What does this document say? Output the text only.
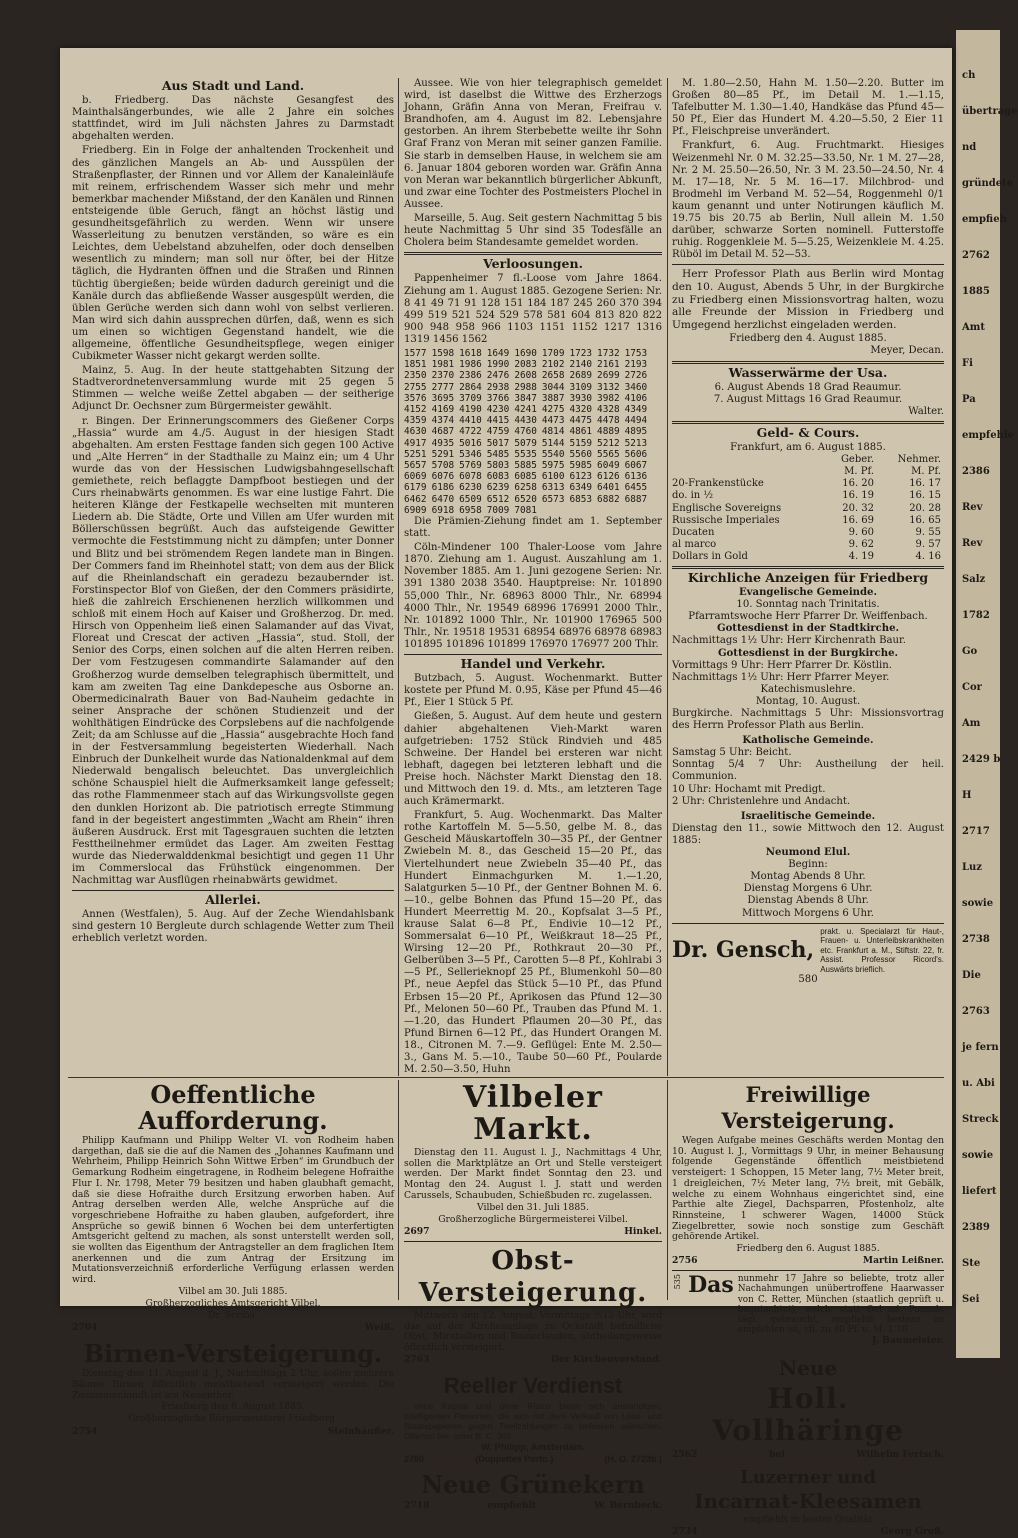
ch
übertrage
nd
gründete
empfieh
2762
1885
Amt
Fi
Pa
empfehle
2386
Rev
Rev
Salz
1782
Go
Cor
Am
2429 b
H
2717
Luz
sowie
2738
Die
2763
je fern
u. Abi
Streck
sowie
liefert
2389
Ste
Sei
Aus Stadt und Land.

b. Friedberg. Das nächste Gesangfest des Mainthalsängerbundes, wie alle 2 Jahre ein solches stattfindet, wird im Juli nächsten Jahres zu Darmstadt abgehalten werden.

Friedberg. Ein in Folge der anhaltenden Trockenheit und des gänzlichen Mangels an Ab- und Ausspülen der Straßenpflaster, der Rinnen und vor Allem der Kanaleinläufe mit reinem, erfrischendem Wasser sich mehr und mehr bemerkbar machender Mißstand, der den Kanälen und Rinnen entsteigende üble Geruch, fängt an höchst lästig und gesundheitsgefährlich zu werden. Wenn wir unsere Wasserleitung zu benutzen verständen, so wäre es ein Leichtes, dem Uebelstand abzuhelfen, oder doch denselben wesentlich zu mindern; man soll nur öfter, bei der Hitze täglich, die Hydranten öffnen und die Straßen und Rinnen tüchtig übergießen; beide würden dadurch gereinigt und die Kanäle durch das abfließende Wasser ausgespült werden, die üblen Gerüche werden sich dann wohl von selbst verlieren. Man wird sich dahin aussprechen dürfen, daß, wenn es sich um einen so wichtigen Gegenstand handelt, wie die allgemeine, öffentliche Gesundheitspflege, wegen einiger Cubikmeter Wasser nicht gekargt werden sollte.

Mainz, 5. Aug. In der heute stattgehabten Sitzung der Stadtverordnetenversammlung wurde mit 25 gegen 5 Stimmen — welche weiße Zettel abgaben — der seitherige Adjunct Dr. Oechsner zum Bürgermeister gewählt.

r. Bingen. Der Erinnerungscommers des Gießener Corps „Hassia“ wurde am 4./5. August in der hiesigen Stadt abgehalten. Am ersten Festtage fanden sich gegen 100 Active und „Alte Herren“ in der Stadthalle zu Mainz ein; um 4 Uhr wurde das von der Hessischen Ludwigsbahngesellschaft gemiethete, reich beflaggte Dampfboot bestiegen und der Curs rheinabwärts genommen. Es war eine lustige Fahrt. Die heiteren Klänge der Festkapelle wechselten mit munteren Liedern ab. Die Städte, Orte und Villen am Ufer wurden mit Böllerschüssen begrüßt. Auch das aufsteigende Gewitter vermochte die Feststimmung nicht zu dämpfen; unter Donner und Blitz und bei strömendem Regen landete man in Bingen. Der Commers fand im Rheinhotel statt; von dem aus der Blick auf die Rheinlandschaft ein geradezu bezaubernder ist. Forstinspector Blof von Gießen, der den Commers präsidirte, hieß die zahlreich Erschienenen herzlich willkommen und schloß mit einem Hoch auf Kaiser und Großherzog. Dr. med. Hirsch von Oppenheim ließ einen Salamander auf das Vivat, Floreat und Crescat der activen „Hassia“, stud. Stoll, der Senior des Corps, einen solchen auf die alten Herren reiben. Der vom Festzugesen commandirte Salamander auf den Großherzog wurde demselben telegraphisch übermittelt, und kam am zweiten Tag eine Dankdepesche aus Osborne an. Obermedicinalrath Bauer von Bad-Nauheim gedachte in seiner Ansprache der schönen Studienzeit und der wohlthätigen Eindrücke des Corpslebens auf die nachfolgende Zeit; da am Schlusse auf die „Hassia“ ausgebrachte Hoch fand in der Festversammlung begeisterten Wiederhall. Nach Einbruch der Dunkelheit wurde das Nationaldenkmal auf dem Niederwald bengalisch beleuchtet. Das unvergleichlich schöne Schauspiel hielt die Aufmerksamkeit lange gefesselt; das rothe Flammenmeer stach auf das Wirkungsvollste gegen den dunklen Horizont ab. Die patriotisch erregte Stimmung fand in der begeistert angestimmten „Wacht am Rhein“ ihren äußeren Ausdruck. Erst mit Tagesgrauen suchten die letzten Festtheilnehmer ermüdet das Lager. Am zweiten Festtag wurde das Niederwalddenkmal besichtigt und gegen 11 Uhr im Commerslocal das Frühstück eingenommen. Der Nachmittag war Ausflügen rheinabwärts gewidmet.

Allerlei.

Annen (Westfalen), 5. Aug. Auf der Zeche Wiendahlsbank sind gestern 10 Bergleute durch schlagende Wetter zum Theil erheblich verletzt worden.

Aussee. Wie von hier telegraphisch gemeldet wird, ist daselbst die Wittwe des Erzherzogs Johann, Gräfin Anna von Meran, Freifrau v. Brandhofen, am 4. August im 82. Lebensjahre gestorben. An ihrem Sterbebette weilte ihr Sohn Graf Franz von Meran mit seiner ganzen Familie. Sie starb in demselben Hause, in welchem sie am 6. Januar 1804 geboren worden war. Gräfin Anna von Meran war bekanntlich bürgerlicher Abkunft, und zwar eine Tochter des Postmeisters Plochel in Aussee.

Marseille, 5. Aug. Seit gestern Nachmittag 5 bis heute Nachmittag 5 Uhr sind 35 Todesfälle an Cholera beim Standesamte gemeldet worden.

Verloosungen.

Pappenheimer 7 fl.-Loose vom Jahre 1864. Ziehung am 1. August 1885. Gezogene Serien: Nr. 8 41 49 71 91 128 151 184 187 245 260 370 394 499 519 521 524 529 578 581 604 813 820 822 900 948 958 966 1103 1151 1152 1217 1316 1319 1456 1562

1577	1598	1618	1649	1690	1709	1723	1732	1753
1851	1981	1986	1990	2083	2102	2140	2161	2193
2350	2370	2386	2476	2608	2658	2689	2699	2726
2755	2777	2864	2938	2988	3044	3109	3132	3460
3576	3695	3709	3766	3847	3887	3930	3982	4106
4152	4169	4190	4230	4241	4275	4320	4328	4349
4359	4374	4410	4415	4430	4473	4475	4478	4494
4630	4687	4722	4759	4760	4814	4861	4889	4895
4917	4935	5016	5017	5079	5144	5159	5212	5213
5251	5291	5346	5485	5535	5540	5560	5565	5606
5657	5708	5769	5803	5885	5975	5985	6049	6067
6069	6076	6078	6083	6085	6100	6123	6126	6136
6179	6186	6230	6239	6258	6313	6349	6401	6455
6462	6470	6509	6512	6520	6573	6853	6882	6887
6909	6918	6958	7009	7081				

Die Prämien-Ziehung findet am 1. September statt.

Cöln-Mindener 100 Thaler-Loose vom Jahre 1870. Ziehung am 1. August. Auszahlung am 1. November 1885. Am 1. Juni gezogene Serien: Nr. 391 1380 2038 3540. Hauptpreise: Nr. 101890 55,000 Thlr., Nr. 68963 8000 Thlr., Nr. 68994 4000 Thlr., Nr. 19549 68996 176991 2000 Thlr., Nr. 101892 1000 Thlr., Nr. 101900 176965 500 Thlr., Nr. 19518 19531 68954 68976 68978 68983 101895 101896 101899 176970 176977 200 Thlr.

Handel und Verkehr.

Butzbach, 5. August. Wochenmarkt. Butter kostete per Pfund M. 0.95, Käse per Pfund 45—46 Pf., Eier 1 Stück 5 Pf.

Gießen, 5. August. Auf dem heute und gestern dahier abgehaltenen Vieh-Markt waren aufgetrieben: 1752 Stück Rindvieh und 485 Schweine. Der Handel bei ersteren war nicht lebhaft, dagegen bei letzteren lebhaft und die Preise hoch. Nächster Markt Dienstag den 18. und Mittwoch den 19. d. Mts., am letzteren Tage auch Krämermarkt.

Frankfurt, 5. Aug. Wochenmarkt. Das Malter rothe Kartoffeln M. 5—5.50, gelbe M. 8., das Gescheid Mäuskartoffeln 30—35 Pf., der Gentner Zwiebeln M. 8., das Gescheid 15—20 Pf., das Viertelhundert neue Zwiebeln 35—40 Pf., das Hundert Einmachgurken M. 1.—1.20, Salatgurken 5—10 Pf., der Gentner Bohnen M. 6.—10., gelbe Bohnen das Pfund 15—20 Pf., das Hundert Meerrettig M. 20., Kopfsalat 3—5 Pf., krause Salat 6—8 Pf., Endivie 10—12 Pf., Sommersalat 6—10 Pf., Weißkraut 18—25 Pf., Wirsing 12—20 Pf., Rothkraut 20—30 Pf., Gelberüben 3—5 Pf., Carotten 5—8 Pf., Kohlrabi 3—5 Pf., Sellerieknopf 25 Pf., Blumenkohl 50—80 Pf., neue Aepfel das Stück 5—10 Pf., das Pfund Erbsen 15—20 Pf., Aprikosen das Pfund 12—30 Pf., Melonen 50—60 Pf., Trauben das Pfund M. 1.—1.20, das Hundert Pflaumen 20—30 Pf., das Pfund Birnen 6—12 Pf., das Hundert Orangen M. 18., Citronen M. 7.—9. Geflügel: Ente M. 2.50—3., Gans M. 5.—10., Taube 50—60 Pf., Poularde M. 2.50—3.50, Huhn

M. 1.80—2.50, Hahn M. 1.50—2.20. Butter im Großen 80—85 Pf., im Detail M. 1.—1.15, Tafelbutter M. 1.30—1.40, Handkäse das Pfund 45—50 Pf., Eier das Hundert M. 4.20—5.50, 2 Eier 11 Pf., Fleischpreise unverändert.

Frankfurt, 6. Aug. Fruchtmarkt. Hiesiges Weizenmehl Nr. 0 M. 32.25—33.50, Nr. 1 M. 27—28, Nr. 2 M. 25.50—26.50, Nr. 3 M. 23.50—24.50, Nr. 4 M. 17—18, Nr. 5 M. 16—17. Milchbrod- und Brodmehl im Verband M. 52—54, Roggenmehl 0/1 kaum genannt und unter Notirungen käuflich M. 19.75 bis 20.75 ab Berlin, Null allein M. 1.50 darüber, schwarze Sorten nominell. Futterstoffe ruhig. Roggenkleie M. 5—5.25, Weizenkleie M. 4.25. Rüböl im Detail M. 52—53.

Herr Professor Plath aus Berlin wird Montag den 10. August, Abends 5 Uhr, in der Burgkirche zu Friedberg einen Missionsvortrag halten, wozu alle Freunde der Mission in Friedberg und Umgegend herzlichst eingeladen werden.

Friedberg den 4. August 1885.
Meyer, Decan.
Wasserwärme der Usa.
6. August Abends 18 Grad Reaumur.
7. August Mittags 16 Grad Reaumur.
Walter.
Geld- & Cours.
Frankfurt, am 6. August 1885.
	Geber.	Nehmer.
	M. Pf.	M. Pf.
20-Frankenstücke	16. 20	16. 17
do. in ½	16. 19	16. 15
Englische Sovereigns	20. 32	20. 28
Russische Imperiales	16. 69	16. 65
Ducaten	9. 60	9. 55
al marco	9. 62	9. 57
Dollars in Gold	4. 19	4. 16
Kirchliche Anzeigen für Friedberg
Evangelische Gemeinde.
10. Sonntag nach Trinitatis.
Pfarramtswoche Herr Pfarrer Dr. Weiffenbach.
Gottesdienst in der Stadtkirche.
Nachmittags 1½ Uhr: Herr Kirchenrath Baur.
Gottesdienst in der Burgkirche.
Vormittags 9 Uhr: Herr Pfarrer Dr. Köstlin.
Nachmittags 1½ Uhr: Herr Pfarrer Meyer.
Katechismuslehre.
Montag, 10. August.
Burgkirche. Nachmittags 5 Uhr: Missionsvortrag des Herrn Professor Plath aus Berlin.
Katholische Gemeinde.
Samstag 5 Uhr: Beicht.
Sonntag 5/4 7 Uhr: Austheilung der heil. Communion.
10 Uhr: Hochamt mit Predigt.
2 Uhr: Christenlehre und Andacht.
Israelitische Gemeinde.
Dienstag den 11., sowie Mittwoch den 12. August 1885:
Neumond Elul.
Beginn:
Montag Abends 8 Uhr.
Dienstag Morgens 6 Uhr.
Dienstag Abends 8 Uhr.
Mittwoch Morgens 6 Uhr.
Dr. Gensch,
prakt. u. Specialarzt für Haut-, Frauen- u. Unterleibskrankheiten etc. Frankfurt a. M., Stiftstr. 22, fr. Assist. Professor Ricord's. Auswärts brieflich.
580
Oeffentliche Aufforderung.

Philipp Kaufmann und Philipp Welter VI. von Rodheim haben dargethan, daß sie die auf die Namen des „Johannes Kaufmann und Wehrheim, Philipp Heinrich Sohn Wittwe Erben“ im Grundbuch der Gemarkung Rodheim eingetragene, in Rodheim belegene Hofraithe Flur I. Nr. 1798, Meter 79 besitzen und haben glaubhaft gemacht, daß sie diese Hofraithe durch Ersitzung erworben haben. Auf Antrag derselben werden Alle, welche Ansprüche auf die vorgeschriebene Hofraithe zu haben glauben, aufgefordert, ihre Ansprüche so gewiß binnen 6 Wochen bei dem unterfertigten Amtsgericht geltend zu machen, als sonst unterstellt werden soll, sie wollten das Eigenthum der Antragsteller an dem fraglichen Item anerkennen und die zum Antrag der Ersitzung im Mutationsverzeichniß erforderliche Verfügung erlassen werden wird.

Vilbel am 30. Juli 1885.
Großherzogliches Amtsgericht Vilbel.
Dr. Scriba.
2704	Weiß.
Birnen-Versteigerung.

Dienstag den 11. August d. J., Nachmittags 2 Uhr, sollen mehrere Bäume Birnen öffentlich meistbietend versteigert werden. Die Zusammenkunft ist am Neuenthor.

Friedberg den 6. August 1885.
Großherzogliche Bürgermeisterei Friedberg.
2754	Steinhäußer.
Vilbeler Markt.

Dienstag den 11. August l. J., Nachmittags 4 Uhr, sollen die Marktplätze an Ort und Stelle versteigert werden. Der Markt findet Sonntag den 23. und Montag den 24. August l. J. statt und werden Carussels, Schaubuden, Schießbuden rc. zugelassen.

Vilbel den 31. Juli 1885.
Großherzogliche Bürgermeisterei Vilbel.
2697	Hinkel.
Obst-Versteigerung.

Mittwoch den 12. August, Vormittags ½12 Uhr, wird das auf der Kirchenanlage zu Ockstadt befindliche Obst, Mirabellen und Reineclauden, abtheilungsweise öffentlich versteigert.

2763	Der Kirchenvorstand.
Reeller Verdienst

ohne Kapital und ohne Risico bietet sich anständigen, intelligenten Personen, die sich mit dem Verkauf von Loos- und Staatspapieren gegen Theilzahlungen zu befassen wünschen. Offerten bel. unter B. C. 301

W. Philipp, Amsterdam.
2760	(Doppeltes Porto.)	(H. O. 2723b.)
Neue Grünekern
2718	empfiehlt	W. Bernbeck.
Freiwillige Versteigerung.

Wegen Aufgabe meines Geschäfts werden Montag den 10. August l. J., Vormittags 9 Uhr, in meiner Behausung folgende Gegenstände öffentlich meistbietend versteigert: 1 Schoppen, 15 Meter lang, 7½ Meter breit, 1 dreigleichen, 7½ Meter lang, 7½ breit, mit Gebälk, welche zu einem Wohnhaus eingerichtet sind, eine Parthie alte Ziegel, Dachsparren, Pfostenholz, alte Rinnsteine, 1 schwerer Wagen, 14000 Stück Ziegelbretter, sowie noch sonstige zum Geschäft gehörende Artikel.

Friedberg den 6. August 1885.
2756	Martin Leißner.
535 Das nunmehr 17 Jahre so beliebte, trotz aller Nachahmungen unübertroffene Haarwasser von C. Retter, München (staatlich geprüft u. begutachtet), welch. statt Oel od. Pomade tägl. gebraucht, empfiehlt bestens zu empfehlen ist, vfl. zu 40 Pf. u. M. 1.10

J. Baumeister.
Neue
Holl. Vollhäringe
2562	bei	Wilhelm Fertsch.
Luzerner und
Incarnat-Kleesamen
empfiehlt in bester Qualität
2734	Georg Groß.
